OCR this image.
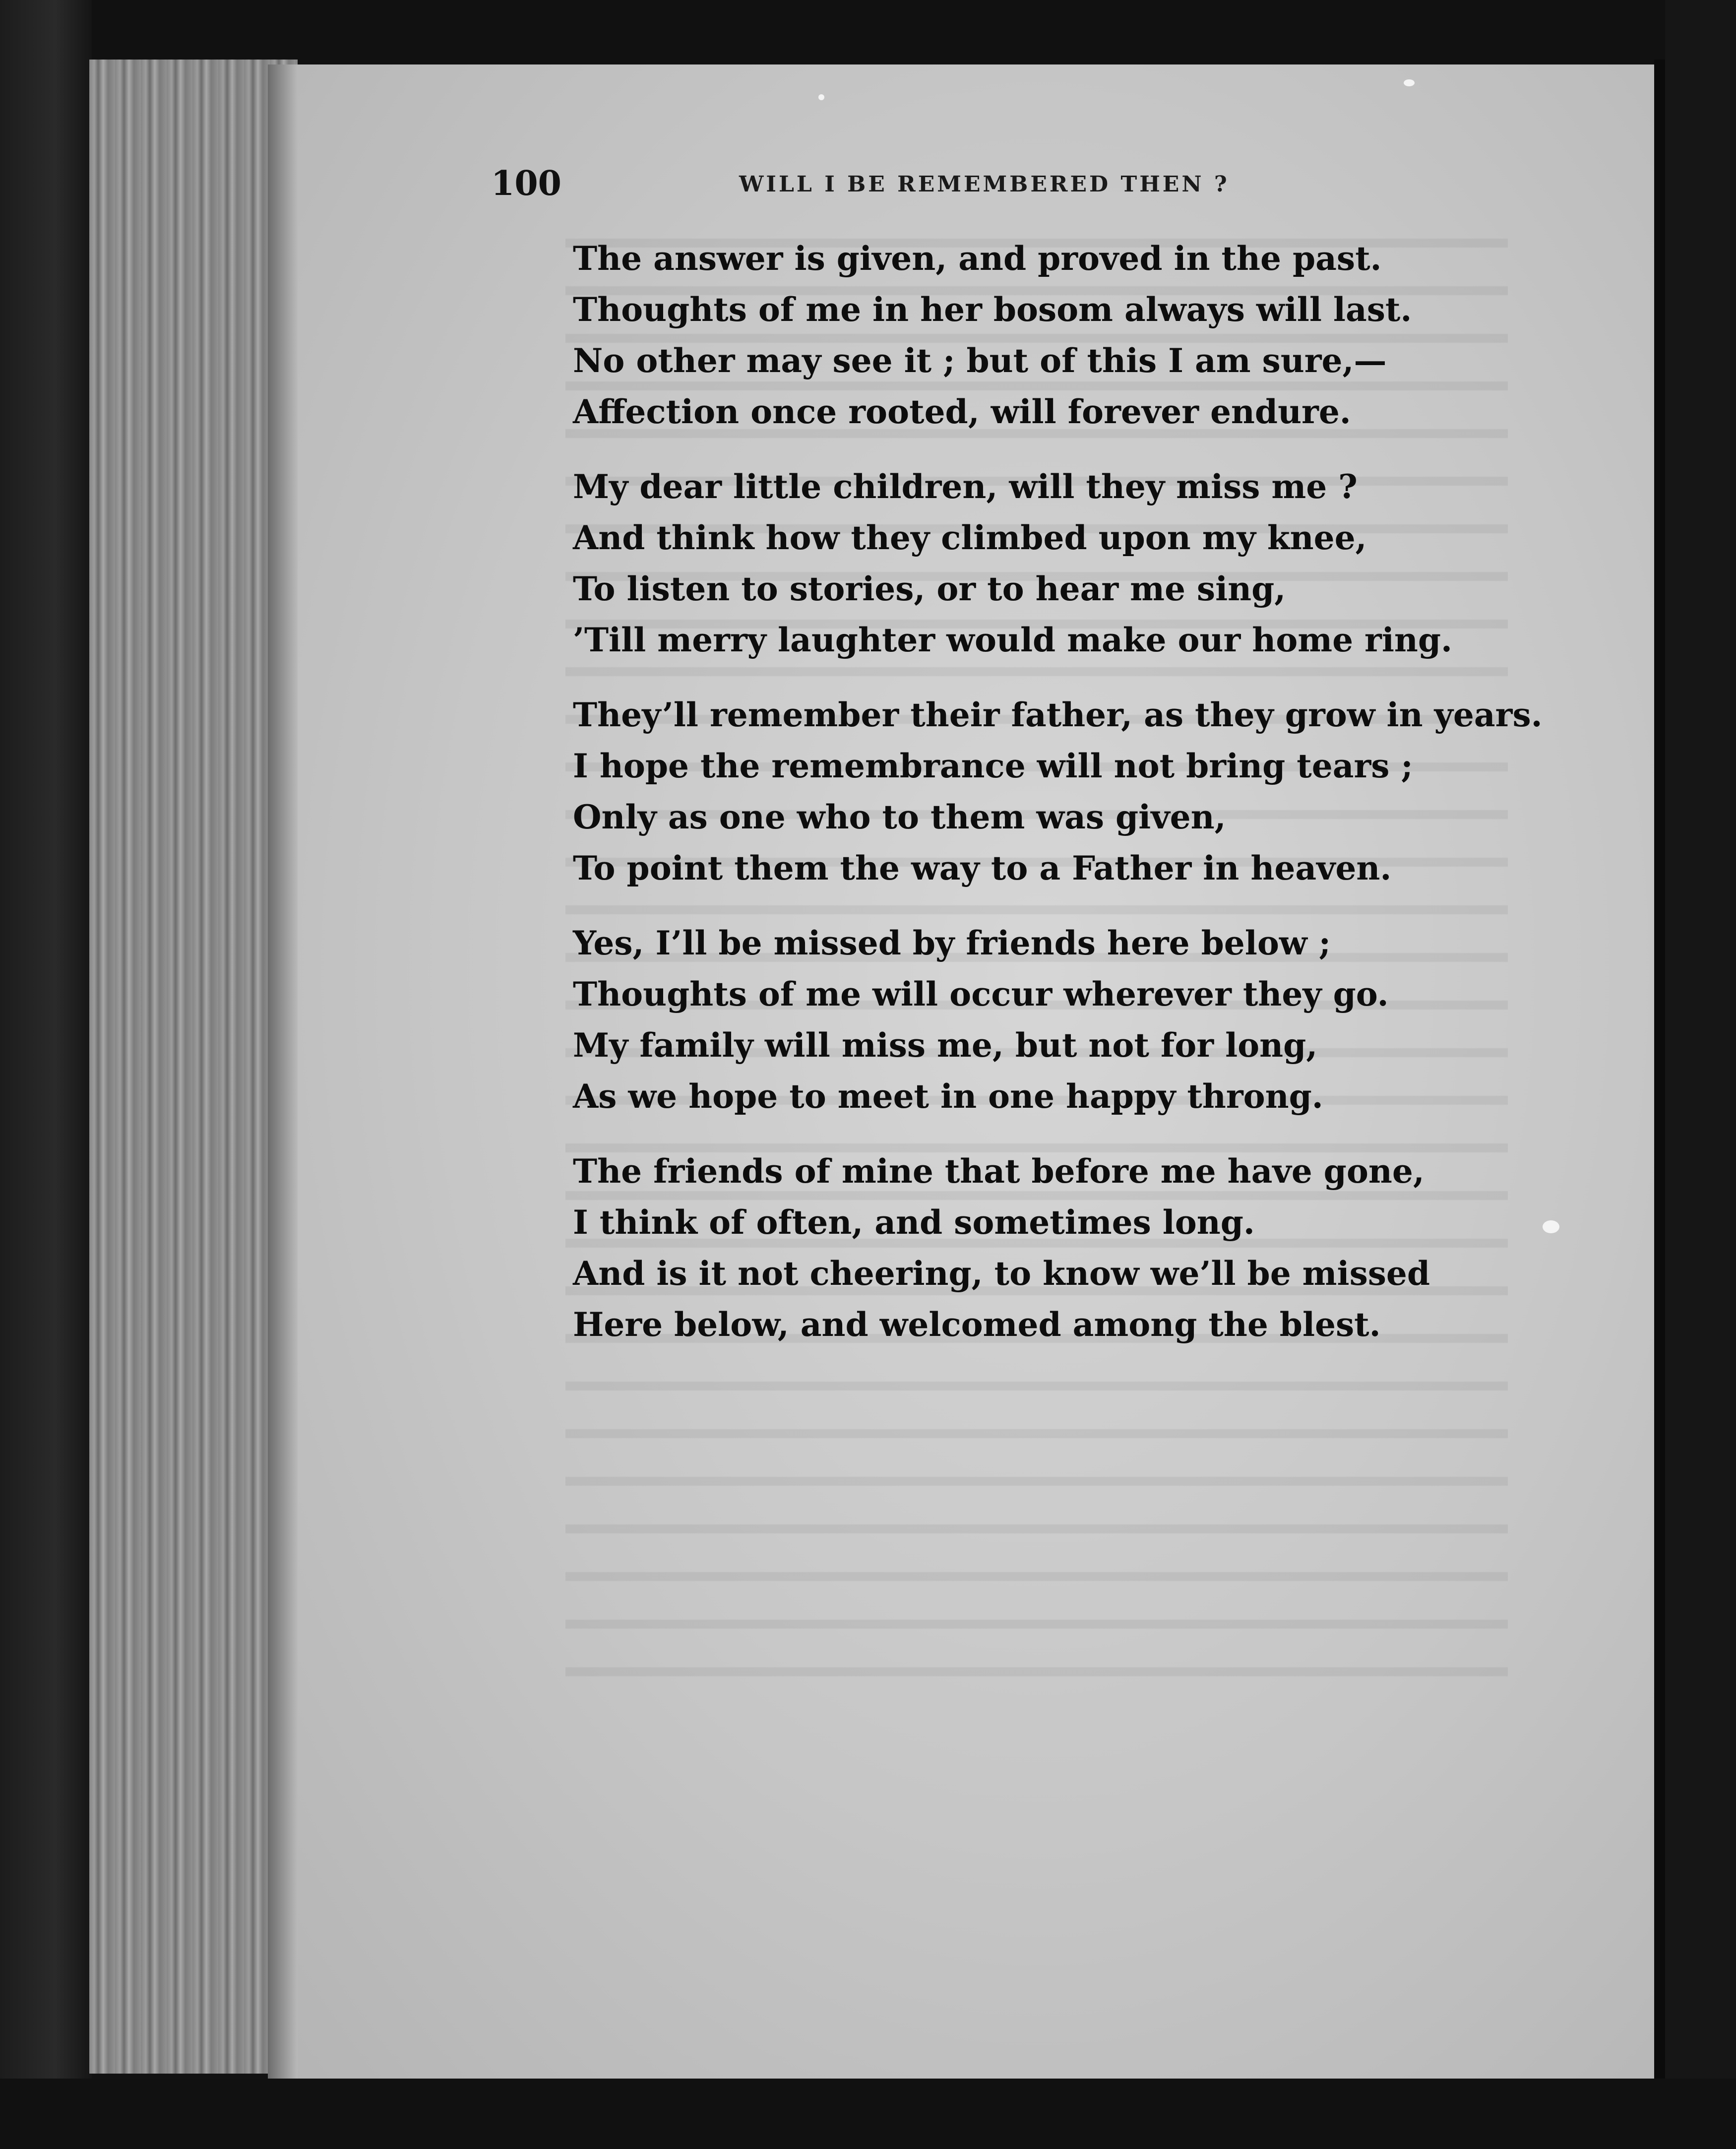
100	WILL I BE REMEMBERED THEN ?
The answer is given, and proved in the past.
Thoughts of me in her bosom always will last.
No other may see it ; but of this I am sure,—
Affection once rooted, will forever endure.
My dear little children, will they miss me ?
And think how they climbed upon my knee,
To listen to stories, or to hear me sing,
’Till merry laughter would make our home ring.
They’ll remember their father, as they grow in years.
I hope the remembrance will not bring tears ;
Only as one who to them was given,
To point them the way to a Father in heaven.
Yes, I’ll be missed by friends here below ;
Thoughts of me will occur wherever they go.
My family will miss me, but not for long,
As we hope to meet in one happy throng.
The friends of mine that before me have gone,
I think of often, and sometimes long.
And is it not cheering, to know we’ll be missed
Here below, and welcomed among the blest.
